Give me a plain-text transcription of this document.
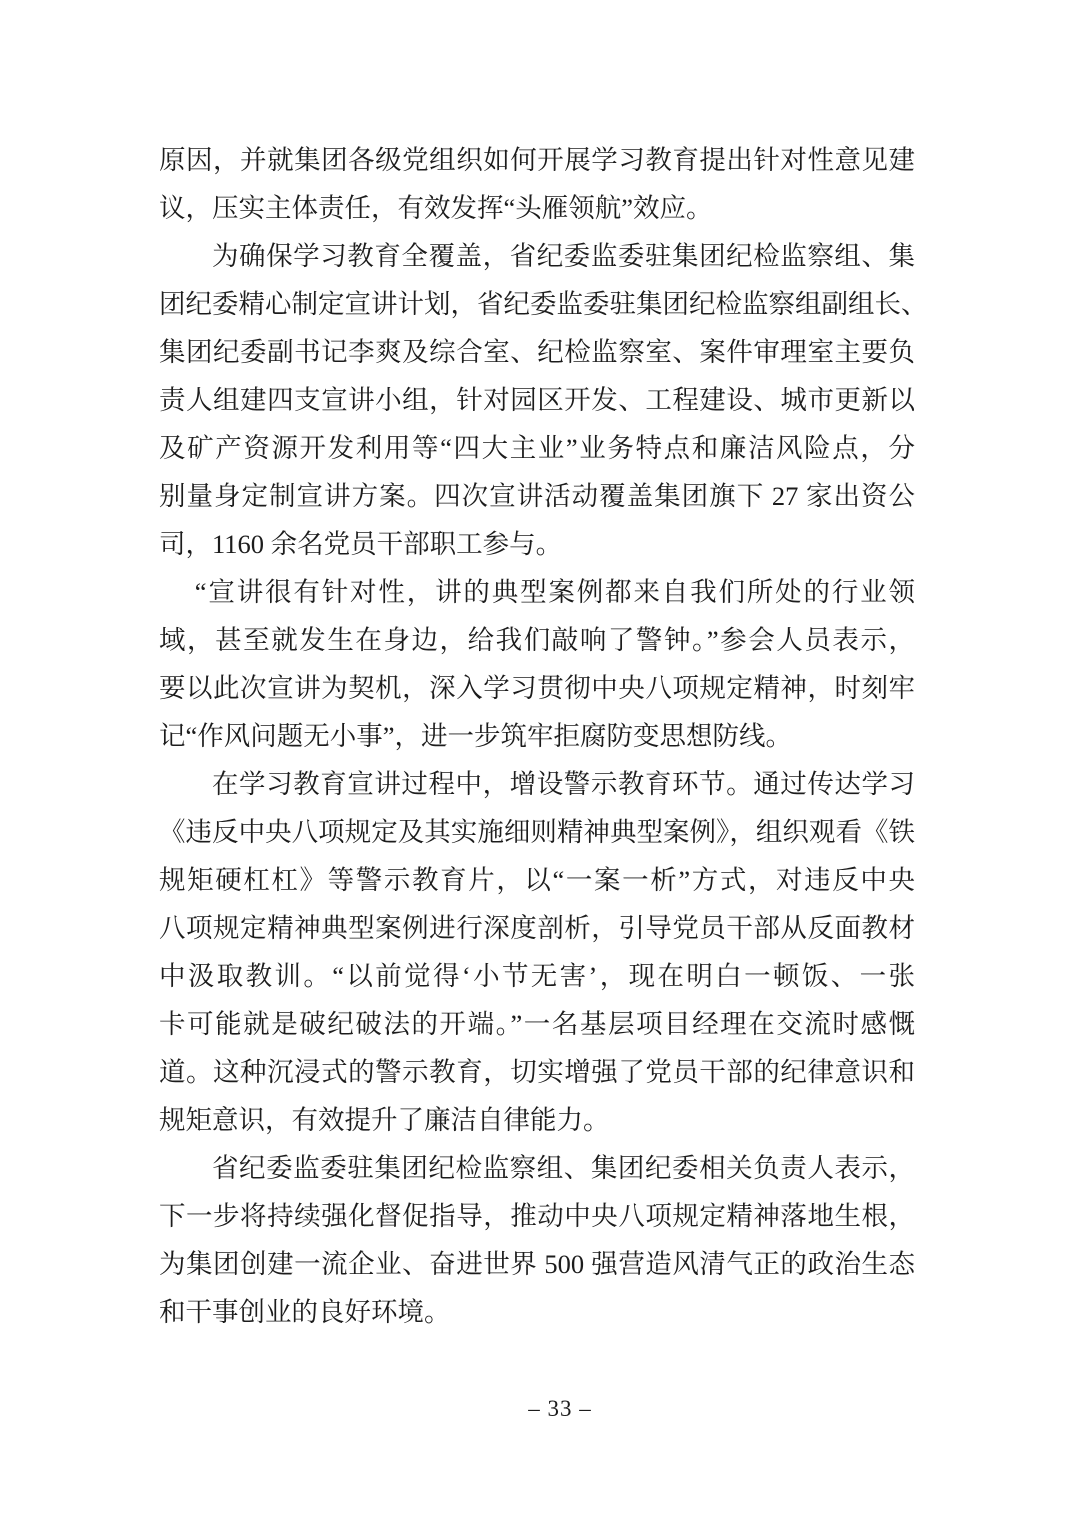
原因，并就集团各级党组织如何开展学习教育提出针对性意见建
议，压实主体责任，有效发挥“头雁领航”效应。
为确保学习教育全覆盖，省纪委监委驻集团纪检监察组、集
团纪委精心制定宣讲计划，省纪委监委驻集团纪检监察组副组长、
集团纪委副书记李爽及综合室、纪检监察室、案件审理室主要负
责人组建四支宣讲小组，针对园区开发、工程建设、城市更新以
及矿产资源开发利用等“四大主业”业务特点和廉洁风险点，分
别量身定制宣讲方案。四次宣讲活动覆盖集团旗下 27 家出资公
司，1160 余名党员干部职工参与。
“宣讲很有针对性，讲的典型案例都来自我们所处的行业领
域，甚至就发生在身边，给我们敲响了警钟。”参会人员表示，
要以此次宣讲为契机，深入学习贯彻中央八项规定精神，时刻牢
记“作风问题无小事”，进一步筑牢拒腐防变思想防线。
在学习教育宣讲过程中，增设警示教育环节。通过传达学习
《违反中央八项规定及其实施细则精神典型案例》，组织观看《铁
规矩硬杠杠》等警示教育片，以“一案一析”方式，对违反中央
八项规定精神典型案例进行深度剖析，引导党员干部从反面教材
中汲取教训。“以前觉得‘小节无害’，现在明白一顿饭、一张
卡可能就是破纪破法的开端。”一名基层项目经理在交流时感慨
道。这种沉浸式的警示教育，切实增强了党员干部的纪律意识和
规矩意识，有效提升了廉洁自律能力。
省纪委监委驻集团纪检监察组、集团纪委相关负责人表示，
下一步将持续强化督促指导，推动中央八项规定精神落地生根，
为集团创建一流企业、奋进世界 500 强营造风清气正的政治生态
和干事创业的良好环境。
– 33 –
